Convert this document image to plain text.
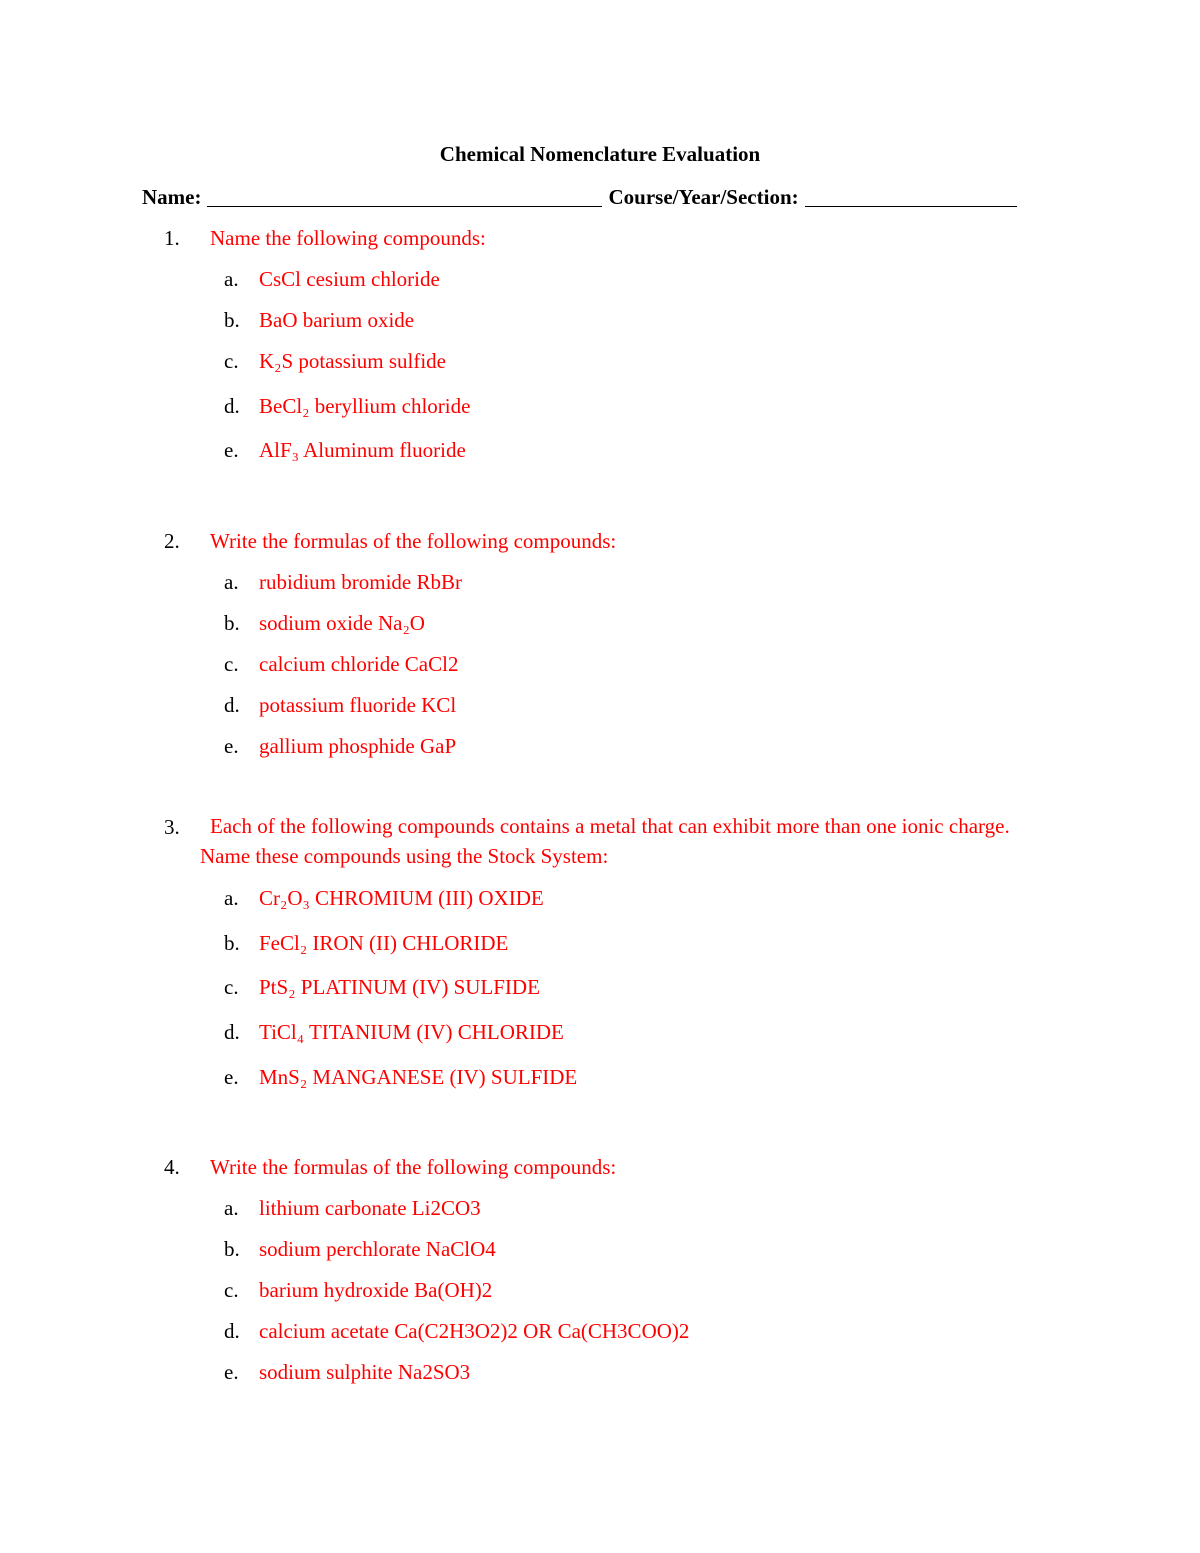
Chemical Nomenclature Evaluation
Name:	Course/Year/Section:
1. Name the following compounds:
a. CsCl cesium chloride
b. BaO barium oxide
c. K₂S potassium sulfide
d. BeCl₂ beryllium chloride
e. AlF₃ Aluminum fluoride
2. Write the formulas of the following compounds:
a. rubidium bromide RbBr
b. sodium oxide Na₂O
c. calcium chloride CaCl2
d. potassium fluoride KCl
e. gallium phosphide GaP
3.	Each of the following compounds contains a metal that can exhibit more than one ionic charge. Name these compounds using the Stock System:
a. Cr₂O₃ CHROMIUM (III) OXIDE
b. FeCl₂ IRON (II) CHLORIDE
c. PtS₂ PLATINUM (IV) SULFIDE
d. TiCl₄ TITANIUM (IV) CHLORIDE
e. MnS₂ MANGANESE (IV) SULFIDE
4. Write the formulas of the following compounds:
a. lithium carbonate Li2CO3
b. sodium perchlorate NaClO4
c. barium hydroxide Ba(OH)2
d. calcium acetate Ca(C2H3O2)2 OR Ca(CH3COO)2
e. sodium sulphite Na2SO3
